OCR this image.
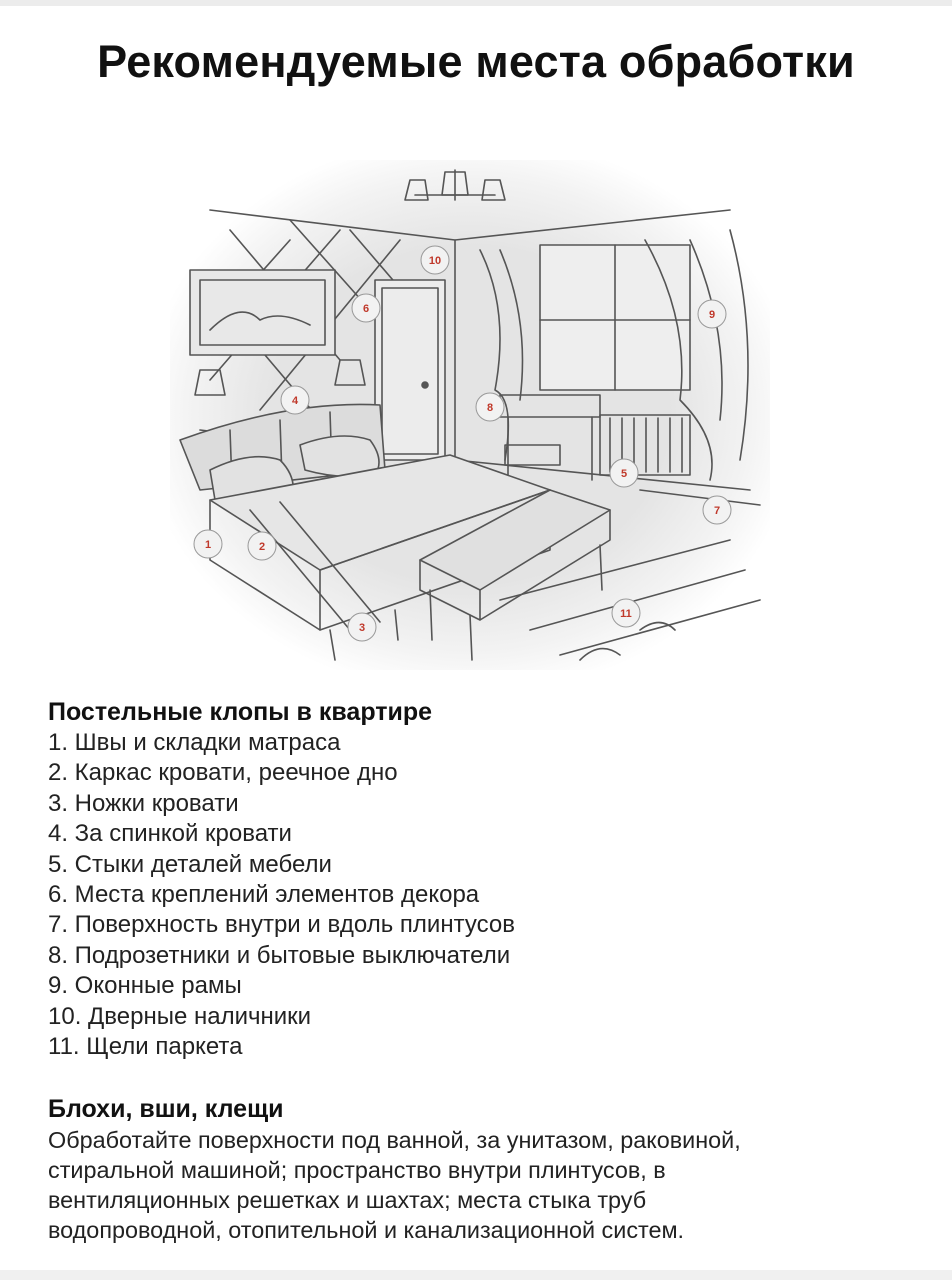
Рекомендуемые места обработки
1	2
3
4
5
6
7
8
9
10
11

Постельные клопы в квартире

1. Швы и складки матраса
2. Каркас кровати, реечное дно
3. Ножки кровати
4. За спинкой кровати
5. Стыки деталей мебели
6. Места креплений элементов декора
7. Поверхность внутри и вдоль плинтусов
8. Подрозетники и бытовые выключатели
9. Оконные рамы
10. Дверные наличники
11. Щели паркета

Блохи, вши, клещи

Обработайте поверхности под ванной, за унитазом, раковиной,
стиральной машиной; пространство внутри плинтусов, в
вентиляционных решетках и шахтах; места стыка труб
водопроводной, отопительной и канализационной систем.
